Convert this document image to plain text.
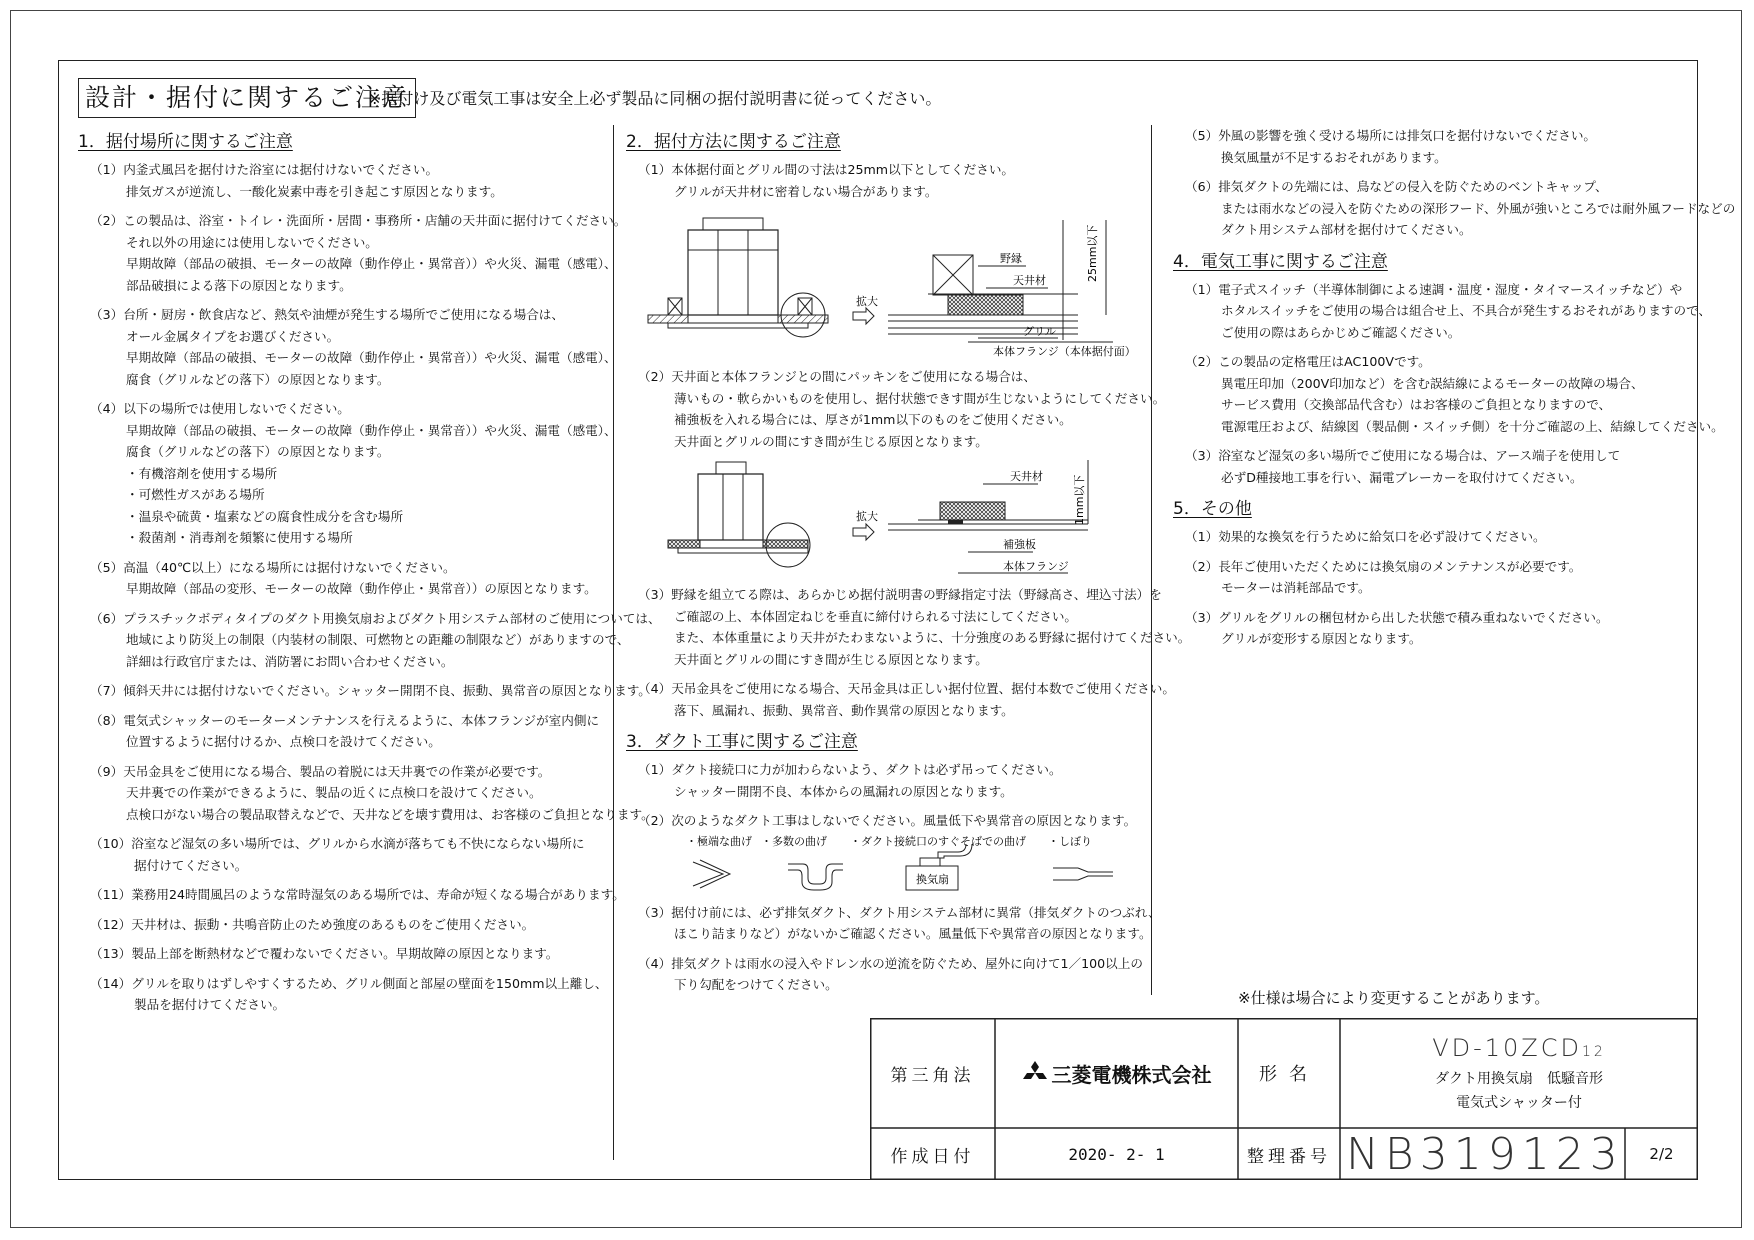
設計・据付に関するご注意
※据付け及び電気工事は安全上必ず製品に同梱の据付説明書に従ってください。
1．据付場所に関するご注意
（1）内釜式風呂を据付けた浴室には据付けないでください。
排気ガスが逆流し、一酸化炭素中毒を引き起こす原因となります。
（2）この製品は、浴室・トイレ・洗面所・居間・事務所・店舗の天井面に据付けてください。
それ以外の用途には使用しないでください。
早期故障（部品の破損、モーターの故障（動作停止・異常音））や火災、漏電（感電）、
部品破損による落下の原因となります。
（3）台所・厨房・飲食店など、熱気や油煙が発生する場所でご使用になる場合は、
オール金属タイプをお選びください。
早期故障（部品の破損、モーターの故障（動作停止・異常音））や火災、漏電（感電）、
腐食（グリルなどの落下）の原因となります。
（4）以下の場所では使用しないでください。
早期故障（部品の破損、モーターの故障（動作停止・異常音））や火災、漏電（感電）、
腐食（グリルなどの落下）の原因となります。
・有機溶剤を使用する場所
・可燃性ガスがある場所
・温泉や硫黄・塩素などの腐食性成分を含む場所
・殺菌剤・消毒剤を頻繁に使用する場所
（5）高温（40℃以上）になる場所には据付けないでください。
早期故障（部品の変形、モーターの故障（動作停止・異常音））の原因となります。
（6）プラスチックボディタイプのダクト用換気扇およびダクト用システム部材のご使用については、
地域により防災上の制限（内装材の制限、可燃物との距離の制限など）がありますので、
詳細は行政官庁または、消防署にお問い合わせください。
（7）傾斜天井には据付けないでください。シャッター開閉不良、振動、異常音の原因となります。
（8）電気式シャッターのモーターメンテナンスを行えるように、本体フランジが室内側に
位置するように据付けるか、点検口を設けてください。
（9）天吊金具をご使用になる場合、製品の着脱には天井裏での作業が必要です。
天井裏での作業ができるように、製品の近くに点検口を設けてください。
点検口がない場合の製品取替えなどで、天井などを壊す費用は、お客様のご負担となります。
（10）浴室など湿気の多い場所では、グリルから水滴が落ちても不快にならない場所に
据付けてください。
（11）業務用24時間風呂のような常時湿気のある場所では、寿命が短くなる場合があります。
（12）天井材は、振動・共鳴音防止のため強度のあるものをご使用ください。
（13）製品上部を断熱材などで覆わないでください。早期故障の原因となります。
（14）グリルを取りはずしやすくするため、グリル側面と部屋の壁面を150mm以上離し、
製品を据付けてください。
2．据付方法に関するご注意
（1）本体据付面とグリル間の寸法は25mm以下としてください。
グリルが天井材に密着しない場合があります。
拡大
野縁
天井材
グリル
本体フランジ（本体据付面）
25mm以下
（2）天井面と本体フランジとの間にパッキンをご使用になる場合は、
薄いもの・軟らかいものを使用し、据付状態できす間が生じないようにしてください。
補強板を入れる場合には、厚さが1mm以下のものをご使用ください。
天井面とグリルの間にすき間が生じる原因となります。
拡大
天井材
補強板
本体フランジ
1mm以下
（3）野縁を組立てる際は、あらかじめ据付説明書の野縁指定寸法（野縁高さ、埋込寸法）を
ご確認の上、本体固定ねじを垂直に締付けられる寸法にしてください。
また、本体重量により天井がたわまないように、十分強度のある野縁に据付けてください。
天井面とグリルの間にすき間が生じる原因となります。
（4）天吊金具をご使用になる場合、天吊金具は正しい据付位置、据付本数でご使用ください。
落下、風漏れ、振動、異常音、動作異常の原因となります。
3．ダクト工事に関するご注意
（1）ダクト接続口に力が加わらないよう、ダクトは必ず吊ってください。
シャッター開閉不良、本体からの風漏れの原因となります。
（2）次のようなダクト工事はしないでください。風量低下や異常音の原因となります。
・極端な曲げ ・多数の曲げ ・ダクト接続口のすぐそばでの曲げ ・しぼり
換気扇
（3）据付け前には、必ず排気ダクト、ダクト用システム部材に異常（排気ダクトのつぶれ、
ほこり詰まりなど）がないかご確認ください。風量低下や異常音の原因となります。
（4）排気ダクトは雨水の浸入やドレン水の逆流を防ぐため、屋外に向けて1／100以上の
下り勾配をつけてください。
（5）外風の影響を強く受ける場所には排気口を据付けないでください。
換気風量が不足するおそれがあります。
（6）排気ダクトの先端には、鳥などの侵入を防ぐためのベントキャップ、
または雨水などの浸入を防ぐための深形フード、外風が強いところでは耐外風フードなどの
ダクト用システム部材を据付けてください。
4．電気工事に関するご注意
（1）電子式スイッチ（半導体制御による速調・温度・湿度・タイマースイッチなど）や
ホタルスイッチをご使用の場合は組合せ上、不具合が発生するおそれがありますので、
ご使用の際はあらかじめご確認ください。
（2）この製品の定格電圧はAC100Vです。
異電圧印加（200V印加など）を含む誤結線によるモーターの故障の場合、
サービス費用（交換部品代含む）はお客様のご負担となりますので、
電源電圧および、結線図（製品側・スイッチ側）を十分ご確認の上、結線してください。
（3）浴室など湿気の多い場所でご使用になる場合は、アース端子を使用して
必ずD種接地工事を行い、漏電ブレーカーを取付けてください。
5．その他
（1）効果的な換気を行うために給気口を必ず設けてください。
（2）長年ご使用いただくためには換気扇のメンテナンスが必要です。
モーターは消耗部品です。
（3）グリルをグリルの梱包材から出した状態で積み重ねないでください。
グリルが変形する原因となります。
※仕様は場合により変更することがあります。
第三角法	三菱電機株式会社	形名
VD-10ZCD12
ダクト用換気扇　低騒音形
電気式シャッター付
作成日付	2020- 2- 1	整理番号 NB319123	2/2
